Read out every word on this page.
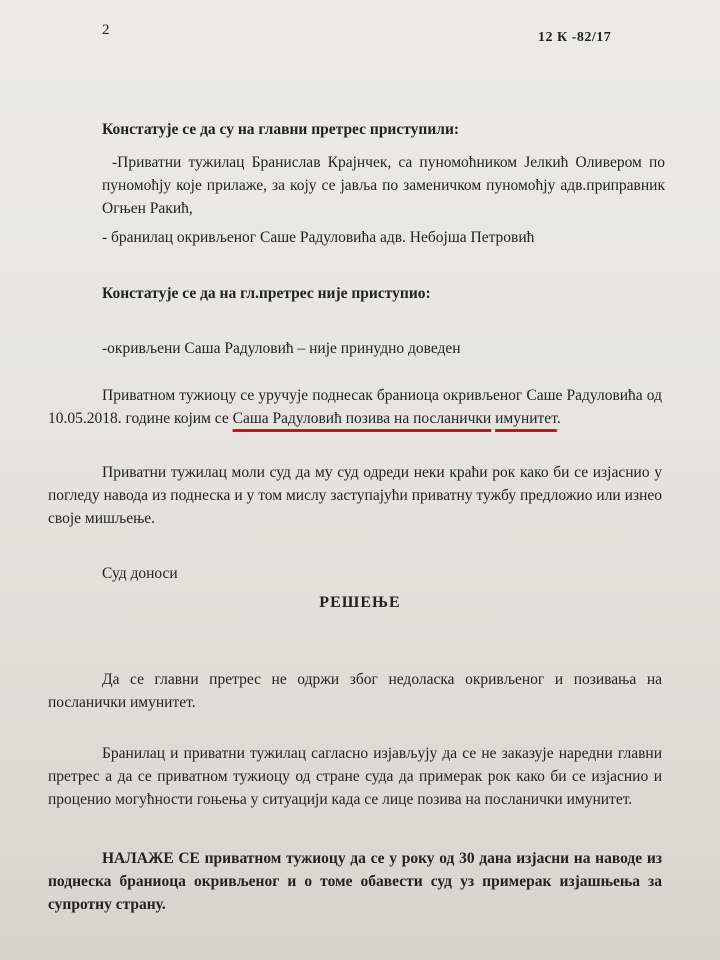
2	12 К -82/17

Констатује се да су на главни претрес приступили:

-Приватни тужилац Бранислав Крајнчек, са пуномоћником Јелкић Оливером по пуномоћју које прилаже, за коју се јавља по заменичком пуномоћју адв.приправник Огњен Ракић,

- бранилац окривљеног Саше Радуловића адв. Небојша Петровић

Констатује се да на гл.претрес није приступио:

-окривљени Саша Радуловић – није принудно доведен

Приватном тужиоцу се уручује поднесак браниоца окривљеног Саше Радуловића од 10.05.2018. године којим се Саша Радуловић позива на посланички имунитет.

Приватни тужилац моли суд да му суд одреди неки краћи рок како би се изјаснио у погледу навода из поднеска и у том мислу заступајући приватну тужбу предложио или изнео своје мишљење.

Суд доноси

РЕШЕЊЕ

Да се главни претрес не одржи због недоласка окривљеног и позивања на посланички имунитет.

Бранилац и приватни тужилац сагласно изјављују да се не заказује наредни главни претрес а да се приватном тужиоцу од стране суда да примерак рок како би се изјаснио и проценио могућности гоњења у ситуацији када се лице позива на посланички имунитет.

НАЛАЖЕ СЕ приватном тужиоцу да се у року од 30 дана изјасни на наводе из поднеска браниоца окривљеног и о томе обавести суд уз примерак изјашњења за супротну страну.
